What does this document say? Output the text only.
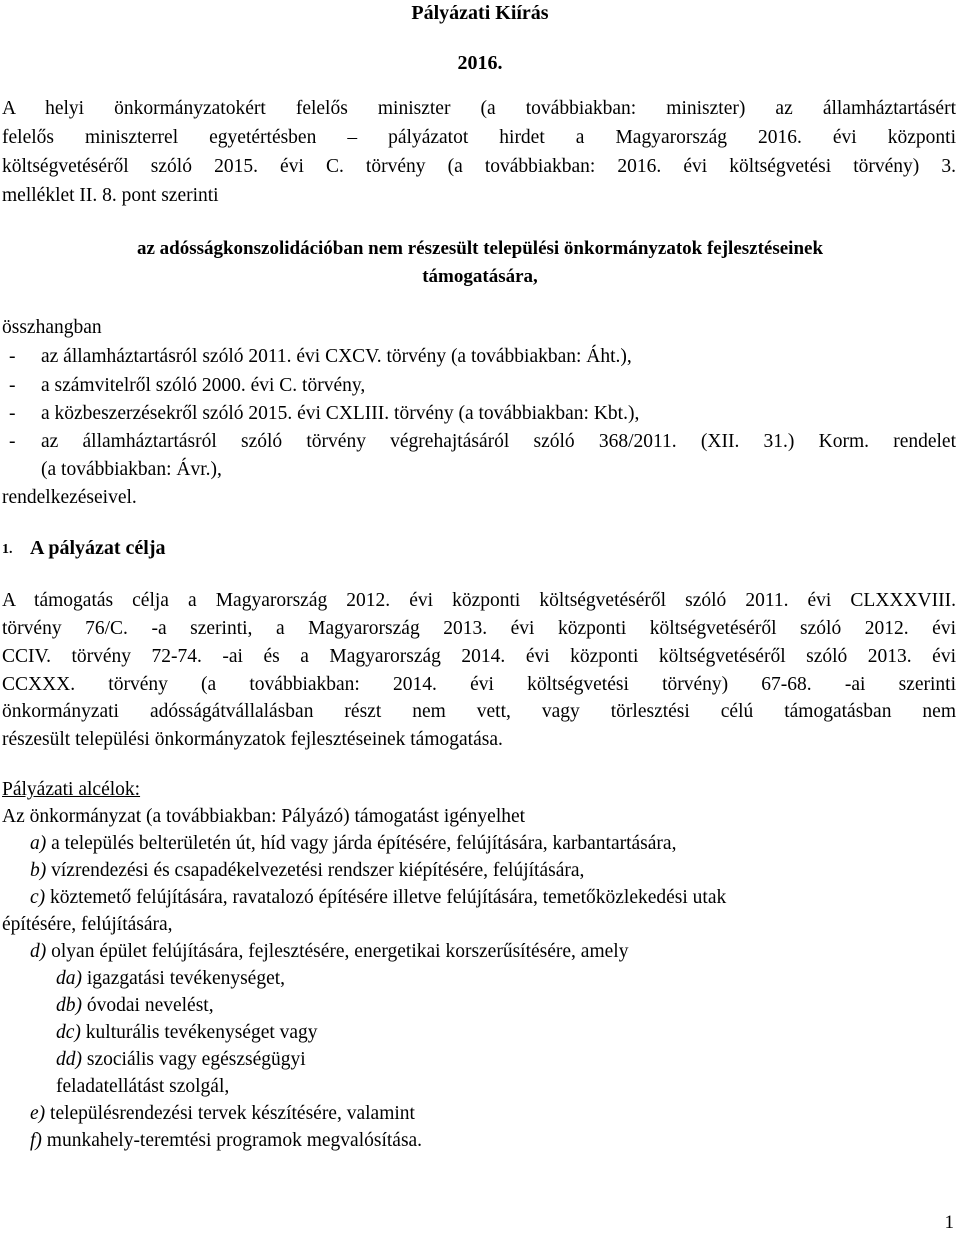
Pályázati Kiírás
2016.
A helyi önkormányzatokért felelős miniszter (a továbbiakban: miniszter) az államháztartásért
felelős miniszterrel egyetértésben – pályázatot hirdet a Magyarország 2016. évi központi
költségvetéséről szóló 2015. évi C. törvény (a továbbiakban: 2016. évi költségvetési törvény) 3.
melléklet II. 8. pont szerinti
az adósságkonszolidációban nem részesült települési önkormányzatok fejlesztéseinek
támogatására,
összhangban
- az államháztartásról szóló 2011. évi CXCV. törvény (a továbbiakban: Áht.),
- a számvitelről szóló 2000. évi C. törvény,
- a közbeszerzésekről szóló 2015. évi CXLIII. törvény (a továbbiakban: Kbt.),
- az államháztartásról szóló törvény végrehajtásáról szóló 368/2011. (XII. 31.) Korm. rendelet
(a továbbiakban: Ávr.),
rendelkezéseivel.
1. A pályázat célja
A támogatás célja a Magyarország 2012. évi központi költségvetéséről szóló 2011. évi CLXXXVIII.
törvény 76/C. -a szerinti, a Magyarország 2013. évi központi költségvetéséről szóló 2012. évi
CCIV. törvény 72-74. -ai és a Magyarország 2014. évi központi költségvetéséről szóló 2013. évi
CCXXX. törvény (a továbbiakban: 2014. évi költségvetési törvény) 67-68. -ai szerinti
önkormányzati adósságátvállalásban részt nem vett, vagy törlesztési célú támogatásban nem
részesült települési önkormányzatok fejlesztéseinek támogatása.
Pályázati alcélok:
Az önkormányzat (a továbbiakban: Pályázó) támogatást igényelhet
a) a település belterületén út, híd vagy járda építésére, felújítására, karbantartására,
b) vízrendezési és csapadékelvezetési rendszer kiépítésére, felújítására,
c) köztemető felújítására, ravatalozó építésére illetve felújítására, temetőközlekedési utak
építésére, felújítására,
d) olyan épület felújítására, fejlesztésére, energetikai korszerűsítésére, amely
da) igazgatási tevékenységet,
db) óvodai nevelést,
dc) kulturális tevékenységet vagy
dd) szociális vagy egészségügyi
feladatellátást szolgál,
e) településrendezési tervek készítésére, valamint
f) munkahely-teremtési programok megvalósítása.
1
